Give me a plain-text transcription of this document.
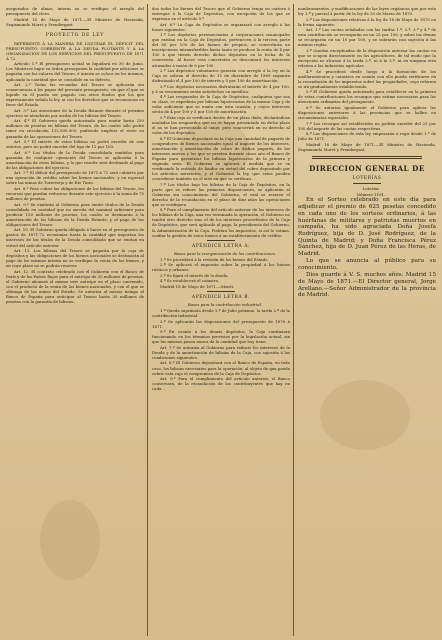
asegurados de almas, interin no se verifique el arreglo del presupuesto del clero.

Madrid 18 de Mayo de 1871.—El Ministro de Hacienda, Segismundo Moret y Prendergast.

PROYECTO DE LEY

REFERENTE Á LA MANERA DE LIQUIDAR EL DÉFICIT DEL PRESUPUESTO CORRIENTE Á LA DEUDA FLOTANTE Y Á LA ORGANIZACIÓN DE LOS SERVICIOS DEL PRESUPUESTO DE 1871 Á 72.

Artículo 1.º El presupuesto actual se liquidará en 30 de Junio. Los Ministros bajos su órden presuponen la cualidad por adiciones se pagarán con los valores del Tesoro, é interin se coloca en los mismos, aplicando la cantidad que se consolide en su defecto.

Art. 2.º Todas las recaudas del Tesoro se aplicarán sin consecuencia á los pagos del presente presupuesto; sin que el que se liquide en él pueda ser pagado con otros fondos que los que expresamente señala la ley, ni con los derechos que se reconozcan en favor del Estado.

Art. 3.º Las atenciones de la Deuda flotante durante el próximo ejercicio se atenderán por medio de los bilisias del Tesoro.

Art. 4.º El Gobierno queda autorizado para emitir hasta 250 millones de pesetas en bilisias del Tesoro, de las cuales sólo podrá tener en circulación 112.500.000, pudiendo emplear el resto en garantía de las operaciones del Tesoro.

Art. 5.º El interés de estos bilisias no podrá exceder de seis enteros, pero no podrá exceder del tipo de 12 por 100.

Art. 6.º Los títulos de la Deuda consolidada emitidos para garantía de cualquier operación del Tesoro se aplicarán á la amortización de estos bilisias, y lo que resulte será destinado al pago de las obligaciones del ejercicio.

Art. 7.º El déficit del presupuesto de 1871 á 72 será cubierto por una operación de crédito sobre los bienes nacionales, y en especial sobre las minas de Torrevieja y de Río Tinto.

Art. 8.º Para cubrir las obligaciones de los bilisias del Tesoro, los recursos que puedan reducirse durante este ejercicio á la suma de 75 millones de pesetas.

Art. 9.º Se emitirán al Gobierno para emitir títulos de la Deuda consolidada en cantidad que no exceda del nominal suficiente para producir 150 millones de pesetas, los cuales se destinarán á la amortización de los bilisias de la Deuda flotante, y al pago de las obligaciones del Tesoro.

Art. 10. El Gobierno queda obligado á hacer en el presupuesto de gastos de 1871-72 economías hasta la cantidad que importan los intereses de los títulos de la Deuda consolidada que se emitan en virtud del artículo anterior.

Art. 11. Los bilisias del Tesoro se pagarán por la caja de depósitos y las obligaciones de los bienes nacionales se destinarán al pago de los mismos interin no se verifique la venta de los bienes, y en cuyo plazo no se podrán renovar.

Art. 12. El contrato celebrado con el Gobierno con el Banco de París y de los Países Bajos para el anticipo de 35 millones de pesetas, el Gobierno abonará al mismo este anticipo en el plazo convenido, con el producto de la venta de los bienes nacionales, y con el que se obtenga de las minas del Estado. Se autoriza al mismo tiempo al Banco de España para anticipar al Tesoro hasta 35 millones de pesetas con la garantía de bilisias...

dos todos los bienes del Tesoro que el Gobierno tenga en cartera ó entregue á la Caja de Depósitos, con excepción de los que se expresan en el artículo 5.º

Art. 6.º La Caja de Depósitos se organizará con arreglo á las bases siguientes:

1.ª Los depósitos pertenecientes á corporaciones municipales que existan en la Caja de Depósitos, pertenecen á la tercera parte del 80 por 100 de los bienes de propios, se convertirán en inscripciones intransferibles hasta tanto se produce la renta de 4 por 100 á que tienen derecho dichos depósitos en la fecha de la conversión. Al hacer esta conversión se descontará los intereses atrasados á razón de 6 por 100.

2.ª Los depósitos voluntarios gozarán con arreglo á la ley en la Caja se cobran al derecho de 15 de diciembre de 1869 seguirán disfrutando el 4 por 100 de interés y 5 por 100 de amortización.

3.ª Los depósitos necesarios disfrutarán el interés de 4 por 100, y á su vencimiento serán satisfechos en metálico.

4.ª Las resguardos de la Caja de Depósitos, cualquiera que sea su clase, se expedirán por bilisias hipotecarias de la misma Caja y de valor suficiente que se emita con esta ocasión, y cuyos intereses serán de 4 por 100 y 5 por 100 de amortización.

5.ª Esta caja se verificará dentro de un plazo dado, declarándose anuladas las resguardos que no se hayan presentado en dicho plazo el no se han presentado al canje; pero concurrirá en su derecho al valor de los depósitos.

6.ª El Gobierno depositará en la Caja una cantidad de pagarés de compradores de bienes nacionales igual al importe de los intereses, amortización y amortización de cobro de dichos pagarés, de los intereses nuevos y los que se presten durante cinco año el Banco de España para garantizar los bilisias hipotecarios de la primera y segunda serie. El Gobierno se aplicará á medida que se va verificando la entrada de fondos en virtud del cobro depositado por los artículos anteriores, y el Gobierno la ley, que estos pueden concederse también en el acto en que se verifican.

7.ª Los títulos bajo los bilisias de la Caja de Depósitos, en la parte que se refiere las primeras disposiciones, se aplicarán al Gobierno sin conocimiento del Gobierno, el cual se reserva el derecho de la recaudación en el plazo de diez años las operaciones que se verifiquen.

8.ª Para el cumplimiento del artículo anterior de los intereses de los bilisias de la Caja, una vez terminada la operación, el Gobierno no tendrá otro derecho sino el de los intereses procedentes de la Caja de Depósitos, que será aplicado al pago, la presidencia del Gobierno, la Administración de la Caja. Podrían los impuestos, si así lo estima, confiar la gestión de estos bienes á un establecimiento de crédito.

APÉNDICE LETRA A.

Bases para la reorganización de los contribuciones.

1.ª Se procederá á la revisión de los bienes del Estado.

2.ª Se aplicará el impuesto sobre la propiedad á los bienes rústicos y urbanos.

3.ª Se fijará el interés de la deuda.

4.ª Se establecerá el catastro.

Madrid 18 de Mayo de 1871.—Moret.

APÉNDICE LETRA B.

Bases para la contribución industrial.

1.ª Queda suprimida desde 1.º de Julio próximo, la tarifa 2.ª de la contribución industrial.

2.ª Se aplicarán las disposiciones del presupuesto de 1870 á 1871.

9.º En cuanto á los demás depósitos, la Caja continuará funcionando en los términos previstos por la legislación actual, sin que los mismos pasen nunca de la cantidad que hoy tiene.

Art. 7.º Se autoriza al Gobierno para reducir los intereses de la Deuda y de la amortización de bilisias de la Caja, con sujeción á las condiciones siguientes.

Art. 8.º El Gobierno depositará con el Banco de España, en todo caso, los bilisias necesarios para la operación, al objeto de que pueda cubrir esta caja el compromiso de la Caja de Depósitos.

Art. 9.º Para el cumplimiento del artículo anterior, el Banco conservará, de la recaudación de los contribuyentes que hay en cada...

nombramientos, y modificaciones de las leyes orgánicas que por esta ley 1.ª y parcial á partir de la ley de 20 de Marzo de 1870.

2.ª Las disposiciones relativas á la ley de 18 de Mayo de 1870 en la forma siguiente:

Art. 1.º Las cuotas señaladas con las tarifas 1.ª, 2.ª, 3.ª y 4.ª de esta contribución se recargarán en un 25 por 100, y sobre las demás se recargarán en un 10 por 100, y se cobrarán con sujeción á las mismas reglas.

3.ª Quedan exceptuadas de la disposición anterior las cuotas en que se ocupen directamente en los agricultores, de tal modo que la excepción no alcanza á la tarifa 2.ª, ni á la 3.ª, ni en ninguna otra relativa a las industrias agrícolas.

4.ª Se procederá desde luego á la formación de los amillaramientos y catastros en cuanto con ello pueda verificarse en la recaudación de los impuestos sobre las propiedades, cuya reforma se irá gradualmente estableciendo.

5.ª El Gobierno queda autorizado para establecer en la primera de estas contribuciones los recargos que estime necesarios para las atenciones ordinarias del presupuesto.

6.ª Se autoriza igualmente al Gobierno para aplicar las disposiciones anteriores á las provincias que se hallen en circunstancias especiales.

7.ª Los recargos así establecidos no podrán exceder del 25 por 100 del importe de las cuotas respectivas.

8.ª Las disposiciones de esta ley empezarán á regir desde 1.º de Julio de 1871.

Madrid 18 de Mayo de 1871.—El Ministro de Hacienda, Segismundo Moret y Prendergast.

DIRECCION GENERAL DE
LOTERÍAS

Loterías

Número 1191.

En el Sorteo celebrado en este día para adjudicar el premio de 625 pesetas concedido en cada uno de los sorteos ordinarios, á las huérfanas de militares y patriotas muertos en campaña, ha sido agraciada Doña Josefa Rodríguez, hija de D. José Rodríguez, de la Quinta de Madrid; y Doña Francisca Pérez Sánchez, hija de D. Juan Pérez de las Heras, de Madrid.

Lo que se anuncia al público para su conocimiento.

Dios guarde á V. S. muchos años. Madrid 15 de Mayo de 1871.—El Director general, Jorge Arellano.—Señor Administrador de la provincia de Madrid.
